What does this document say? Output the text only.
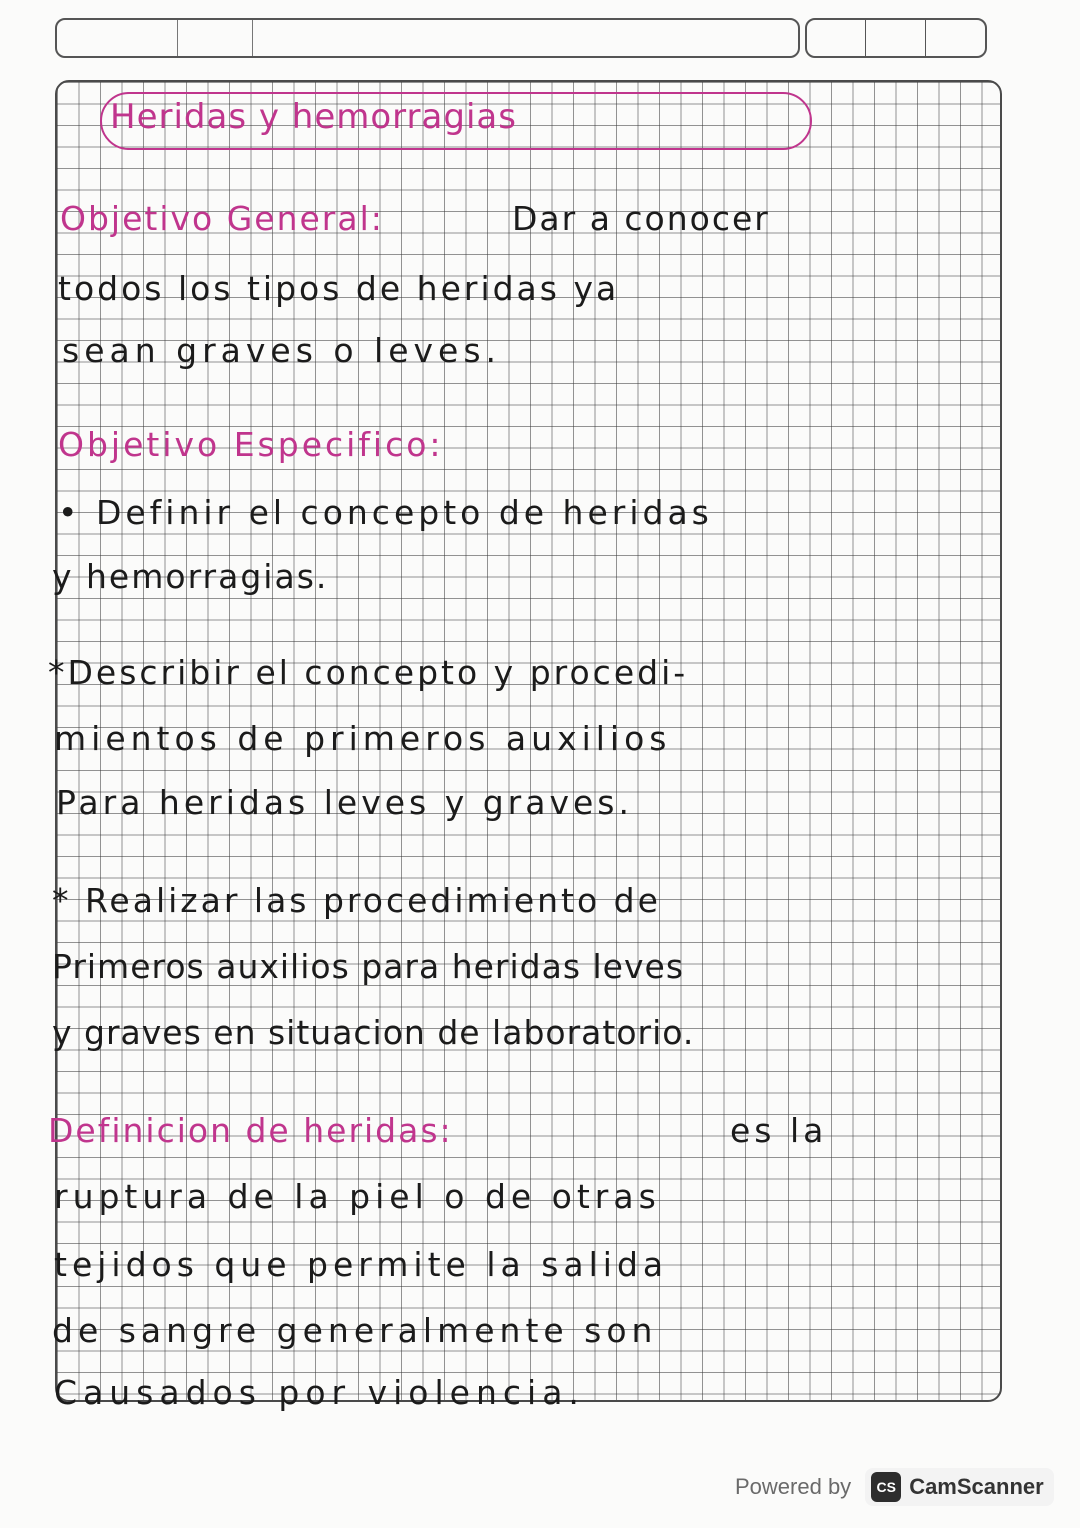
Heridas y hemorragias
Objetivo General:	Dar a conocer
todos los tipos de heridas ya
sean graves o leves.
Objetivo Especifico:
• Definir el concepto de heridas
y hemorragias.
*Describir el concepto y procedi-
mientos de primeros auxilios
Para heridas leves y graves.
* Realizar las procedimiento de
Primeros auxilios para heridas leves
y graves en situacion de laboratorio.
Definicion de heridas:	es la
ruptura de la piel o de otras
tejidos que permite la salida
de sangre generalmente son
Causados por violencia.
Powered by	CS CamScanner
